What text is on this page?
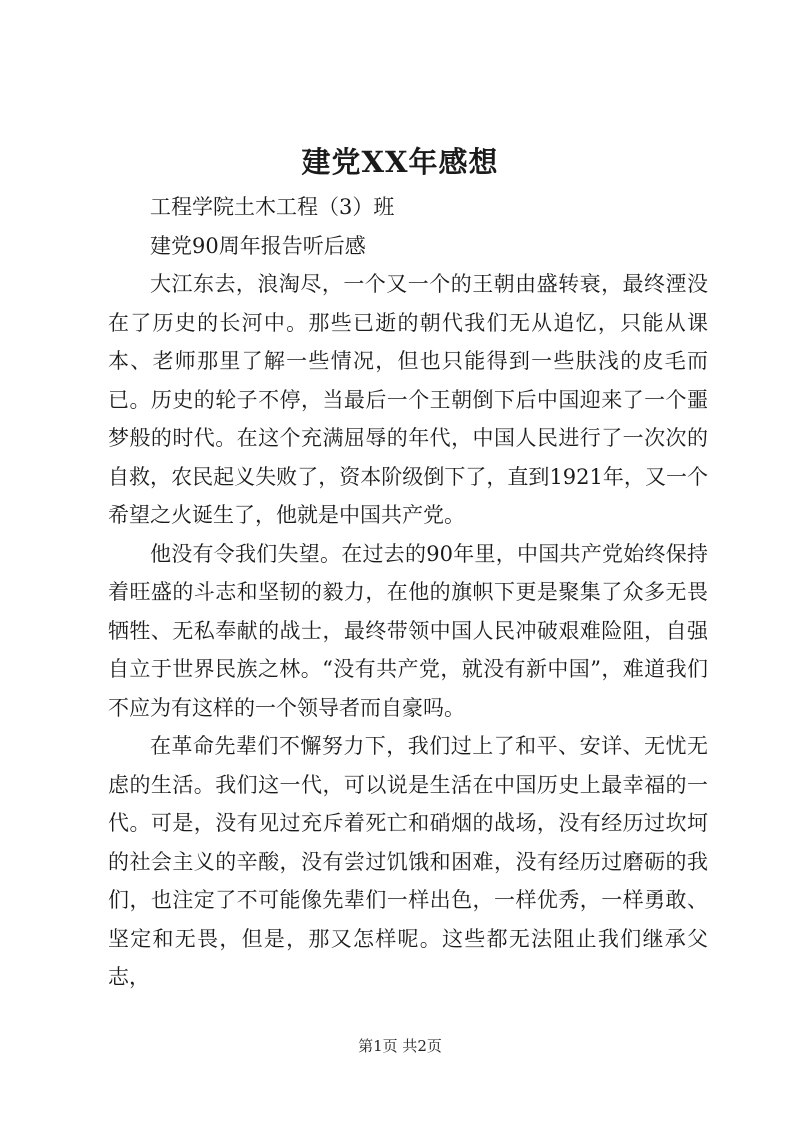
建党XX年感想

工程学院土木工程（3）班

建党90周年报告听后感

大江东去，浪淘尽，一个又一个的王朝由盛转衰，最终湮没在了历史的长河中。那些已逝的朝代我们无从追忆，只能从课本、老师那里了解一些情况，但也只能得到一些肤浅的皮毛而已。历史的轮子不停，当最后一个王朝倒下后中国迎来了一个噩梦般的时代。在这个充满屈辱的年代，中国人民进行了一次次的自救，农民起义失败了，资本阶级倒下了，直到1921年，又一个希望之火诞生了，他就是中国共产党。

他没有令我们失望。在过去的90年里，中国共产党始终保持着旺盛的斗志和坚韧的毅力，在他的旗帜下更是聚集了众多无畏牺牲、无私奉献的战士，最终带领中国人民冲破艰难险阻，自强自立于世界民族之林。“没有共产党，就没有新中国”，难道我们不应为有这样的一个领导者而自豪吗。

在革命先辈们不懈努力下，我们过上了和平、安详、无忧无虑的生活。我们这一代，可以说是生活在中国历史上最幸福的一代。可是，没有见过充斥着死亡和硝烟的战场，没有经历过坎坷的社会主义的辛酸，没有尝过饥饿和困难，没有经历过磨砺的我们，也注定了不可能像先辈们一样出色，一样优秀，一样勇敢、坚定和无畏，但是，那又怎样呢。这些都无法阻止我们继承父志，

第1页 共2页
